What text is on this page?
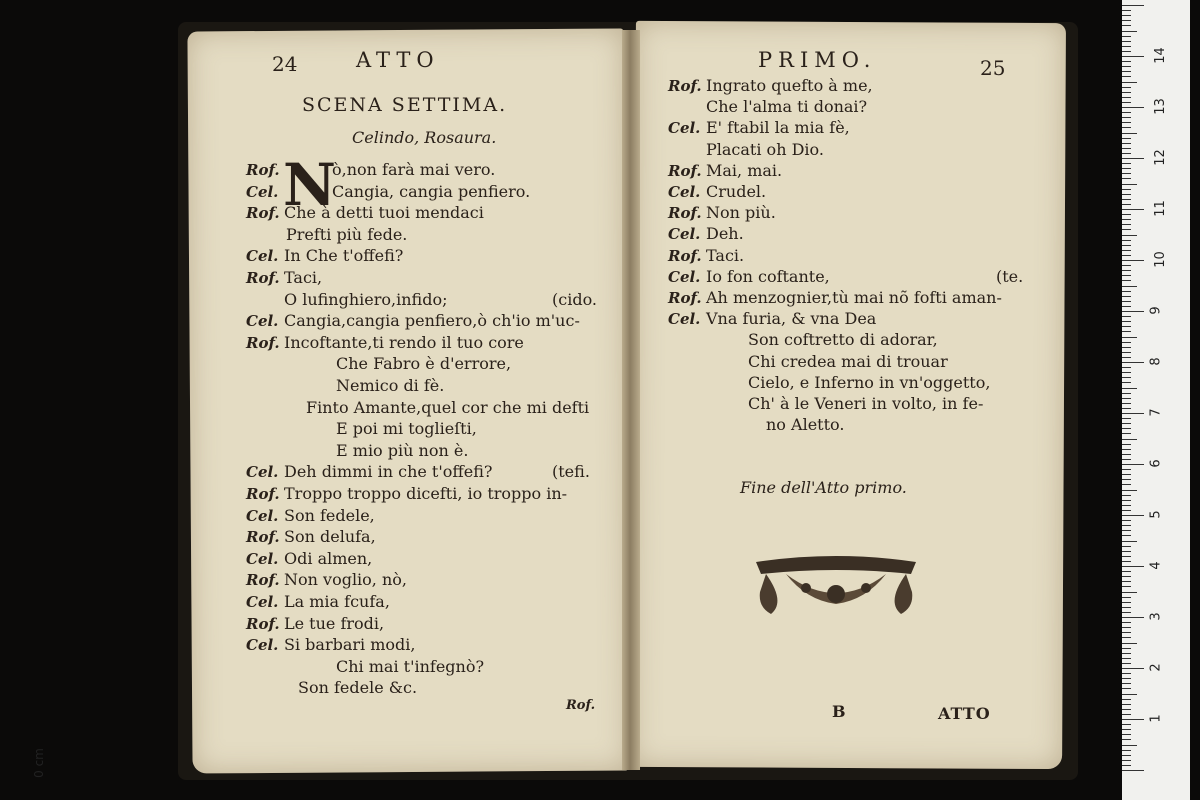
24	ATTO
SCENA SETTIMA.
Celindo, Rosaura.
N
Rof.	ò,non farà mai vero.
Cel.	Cangia, cangia penfiero.
Rof. Che à detti tuoi mendaci
Prefti più fede.
Cel. In Che t'offefi?
Rof. Taci,
O lufinghiero,infido;	(cido.
Cel. Cangia,cangia penfiero,ò ch'io m'uc-
Rof. Incoftante,ti rendo il tuo core
Che Fabro è d'errore,
Nemico di fè.
Finto Amante,quel cor che mi defti
E poi mi toglieſti,
E mio più non è.
Cel. Deh dimmi in che t'offefi?	(tefi.
Rof. Troppo troppo dicefti, io troppo in-
Cel. Son fedele,
Rof. Son delufa,
Cel. Odi almen,
Rof. Non voglio, nò,
Cel. La mia fcufa,
Rof. Le tue frodi,
Cel. Si barbari modi,
Chi mai t'infegnò?
Son fedele &c.
Rof.
PRIMO.	25
Rof. Ingrato quefto à me,
Che l'alma ti donai?
Cel. E' ftabil la mia fè,
Placati oh Dio.
Rof. Mai, mai.
Cel. Crudel.
Rof. Non più.
Cel. Deh.
Rof. Taci.
Cel. Io fon coftante,	(te.
Rof. Ah menzognier,tù mai nõ fofti aman-
Cel. Vna furia, & vna Dea
Son coftretto di adorar,
Chi credea mai di trouar
Cielo, e Inferno in vn'oggetto,
Ch' à le Veneri in volto, in fe-
no Aletto.
Fine dell'Atto primo.
B	ATTO	1
2
3
4
5
6
7
8
9
10
11
12
13
14
0 cm
